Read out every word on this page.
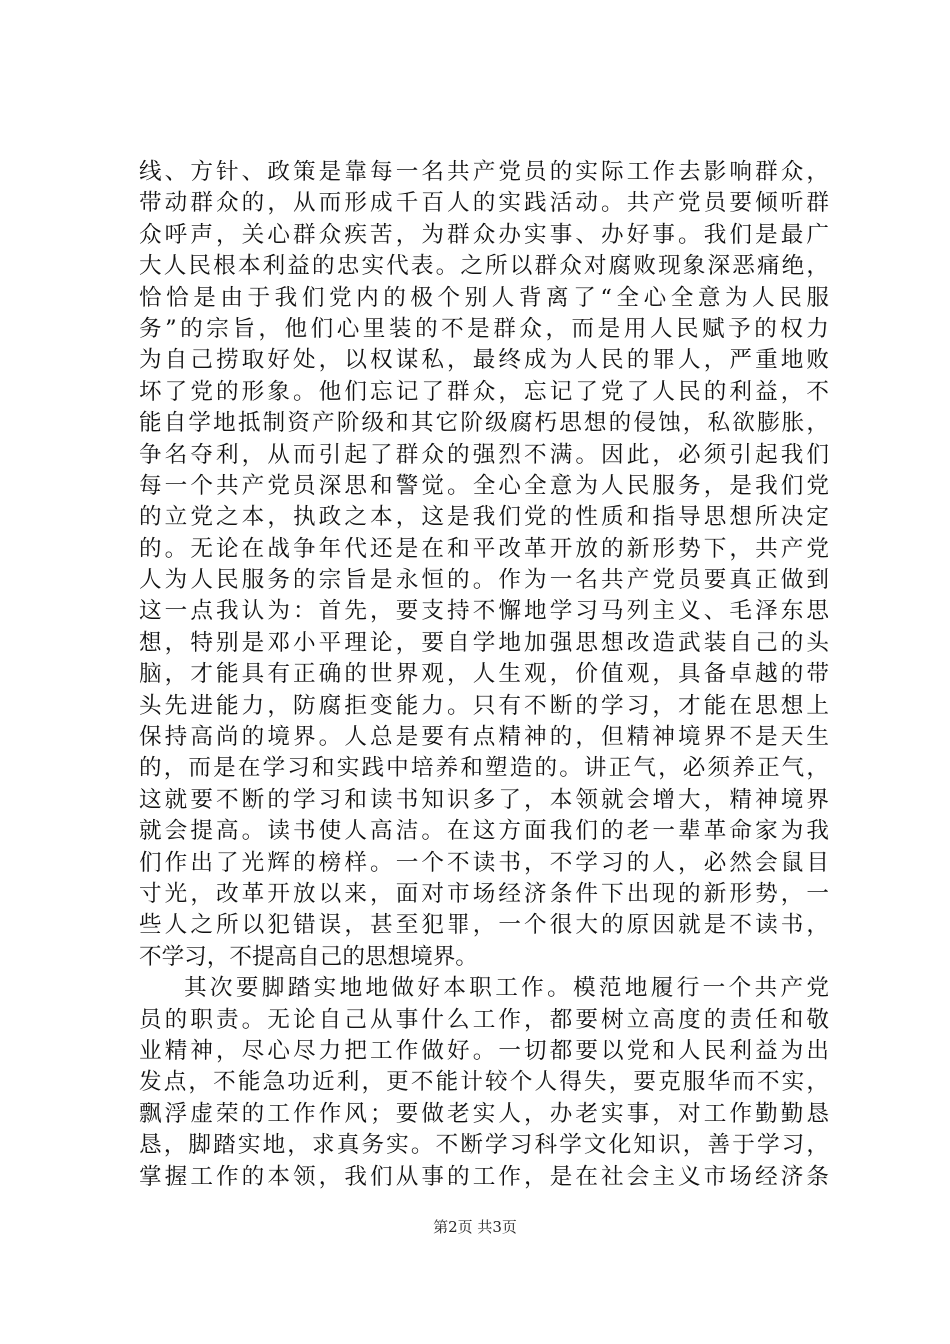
线、方针、政策是靠每一名共产党员的实际工作去影响群众，
带动群众的，从而形成千百人的实践活动。共产党员要倾听群
众呼声，关心群众疾苦，为群众办实事、办好事。我们是最广
大人民根本利益的忠实代表。之所以群众对腐败现象深恶痛绝，
恰恰是由于我们党内的极个别人背离了“全心全意为人民服
务”的宗旨，他们心里装的不是群众，而是用人民赋予的权力
为自己捞取好处，以权谋私，最终成为人民的罪人，严重地败
坏了党的形象。他们忘记了群众，忘记了党了人民的利益，不
能自学地抵制资产阶级和其它阶级腐朽思想的侵蚀，私欲膨胀，
争名夺利，从而引起了群众的强烈不满。因此，必须引起我们
每一个共产党员深思和警觉。全心全意为人民服务，是我们党
的立党之本，执政之本，这是我们党的性质和指导思想所决定
的。无论在战争年代还是在和平改革开放的新形势下，共产党
人为人民服务的宗旨是永恒的。作为一名共产党员要真正做到
这一点我认为：首先，要支持不懈地学习马列主义、毛泽东思
想，特别是邓小平理论，要自学地加强思想改造武装自己的头
脑，才能具有正确的世界观，人生观，价值观，具备卓越的带
头先进能力，防腐拒变能力。只有不断的学习，才能在思想上
保持高尚的境界。人总是要有点精神的，但精神境界不是天生
的，而是在学习和实践中培养和塑造的。讲正气，必须养正气，
这就要不断的学习和读书知识多了，本领就会增大，精神境界
就会提高。读书使人高洁。在这方面我们的老一辈革命家为我
们作出了光辉的榜样。一个不读书，不学习的人，必然会鼠目
寸光，改革开放以来，面对市场经济条件下出现的新形势，一
些人之所以犯错误，甚至犯罪，一个很大的原因就是不读书，
不学习，不提高自己的思想境界。
其次要脚踏实地地做好本职工作。模范地履行一个共产党
员的职责。无论自己从事什么工作，都要树立高度的责任和敬
业精神，尽心尽力把工作做好。一切都要以党和人民利益为出
发点，不能急功近利，更不能计较个人得失，要克服华而不实，
飘浮虚荣的工作作风；要做老实人，办老实事，对工作勤勤恳
恳，脚踏实地，求真务实。不断学习科学文化知识，善于学习，
掌握工作的本领，我们从事的工作，是在社会主义市场经济条
第2页 共3页
